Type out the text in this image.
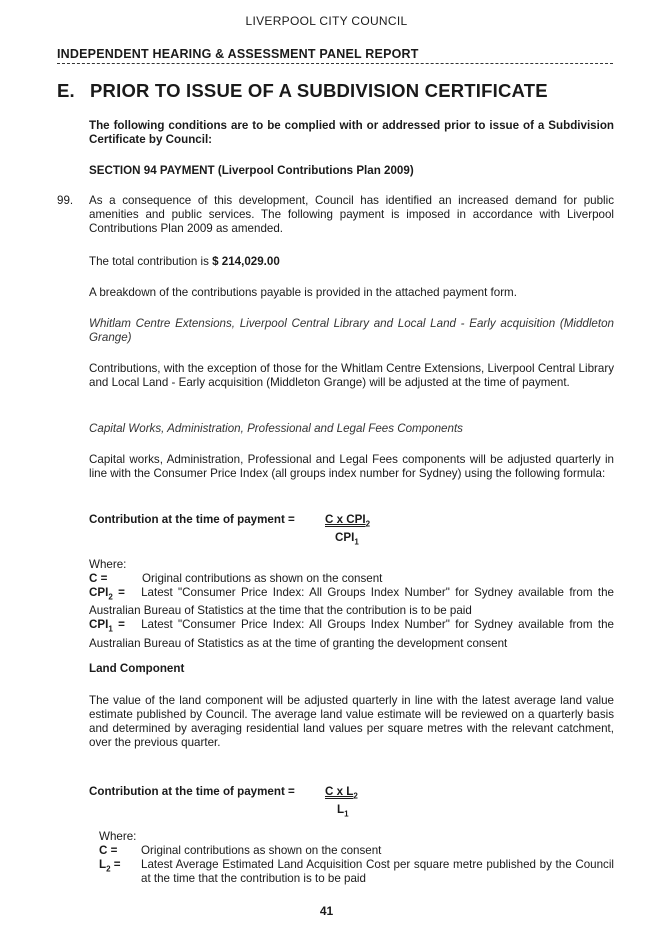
LIVERPOOL CITY COUNCIL
INDEPENDENT HEARING & ASSESSMENT PANEL REPORT
E. PRIOR TO ISSUE OF A SUBDIVISION CERTIFICATE
The following conditions are to be complied with or addressed prior to issue of a Subdivision Certificate by Council:
SECTION 94 PAYMENT (Liverpool Contributions Plan 2009)
99. As a consequence of this development, Council has identified an increased demand for public amenities and public services. The following payment is imposed in accordance with Liverpool Contributions Plan 2009 as amended.
The total contribution is $ 214,029.00
A breakdown of the contributions payable is provided in the attached payment form.
Whitlam Centre Extensions, Liverpool Central Library and Local Land - Early acquisition (Middleton Grange)
Contributions, with the exception of those for the Whitlam Centre Extensions, Liverpool Central Library and Local Land - Early acquisition (Middleton Grange) will be adjusted at the time of payment.
Capital Works, Administration, Professional and Legal Fees Components
Capital works, Administration, Professional and Legal Fees components will be adjusted quarterly in line with the Consumer Price Index (all groups index number for Sydney) using the following formula:
Contribution at the time of payment =	C x $CPI_2$
$CPI_1$
Where:
C =	Original contributions as shown on the consent
$CPI_2$ = Latest "Consumer Price Index: All Groups Index Number" for Sydney available from the Australian Bureau of Statistics at the time that the contribution is to be paid
$CPI_1$ = Latest "Consumer Price Index: All Groups Index Number" for Sydney available from the Australian Bureau of Statistics as at the time of granting the development consent
Land Component
The value of the land component will be adjusted quarterly in line with the latest average land value estimate published by Council. The average land value estimate will be reviewed on a quarterly basis and determined by averaging residential land values per square metres with the relevant catchment, over the previous quarter.
Contribution at the time of payment =	$\frac{C x L_2}{L_1}$
Where:
C =	Original contributions as shown on the consent
$L_2$ =	Latest Average Estimated Land Acquisition Cost per square metre published by the Council at the time that the contribution is to be paid
41
